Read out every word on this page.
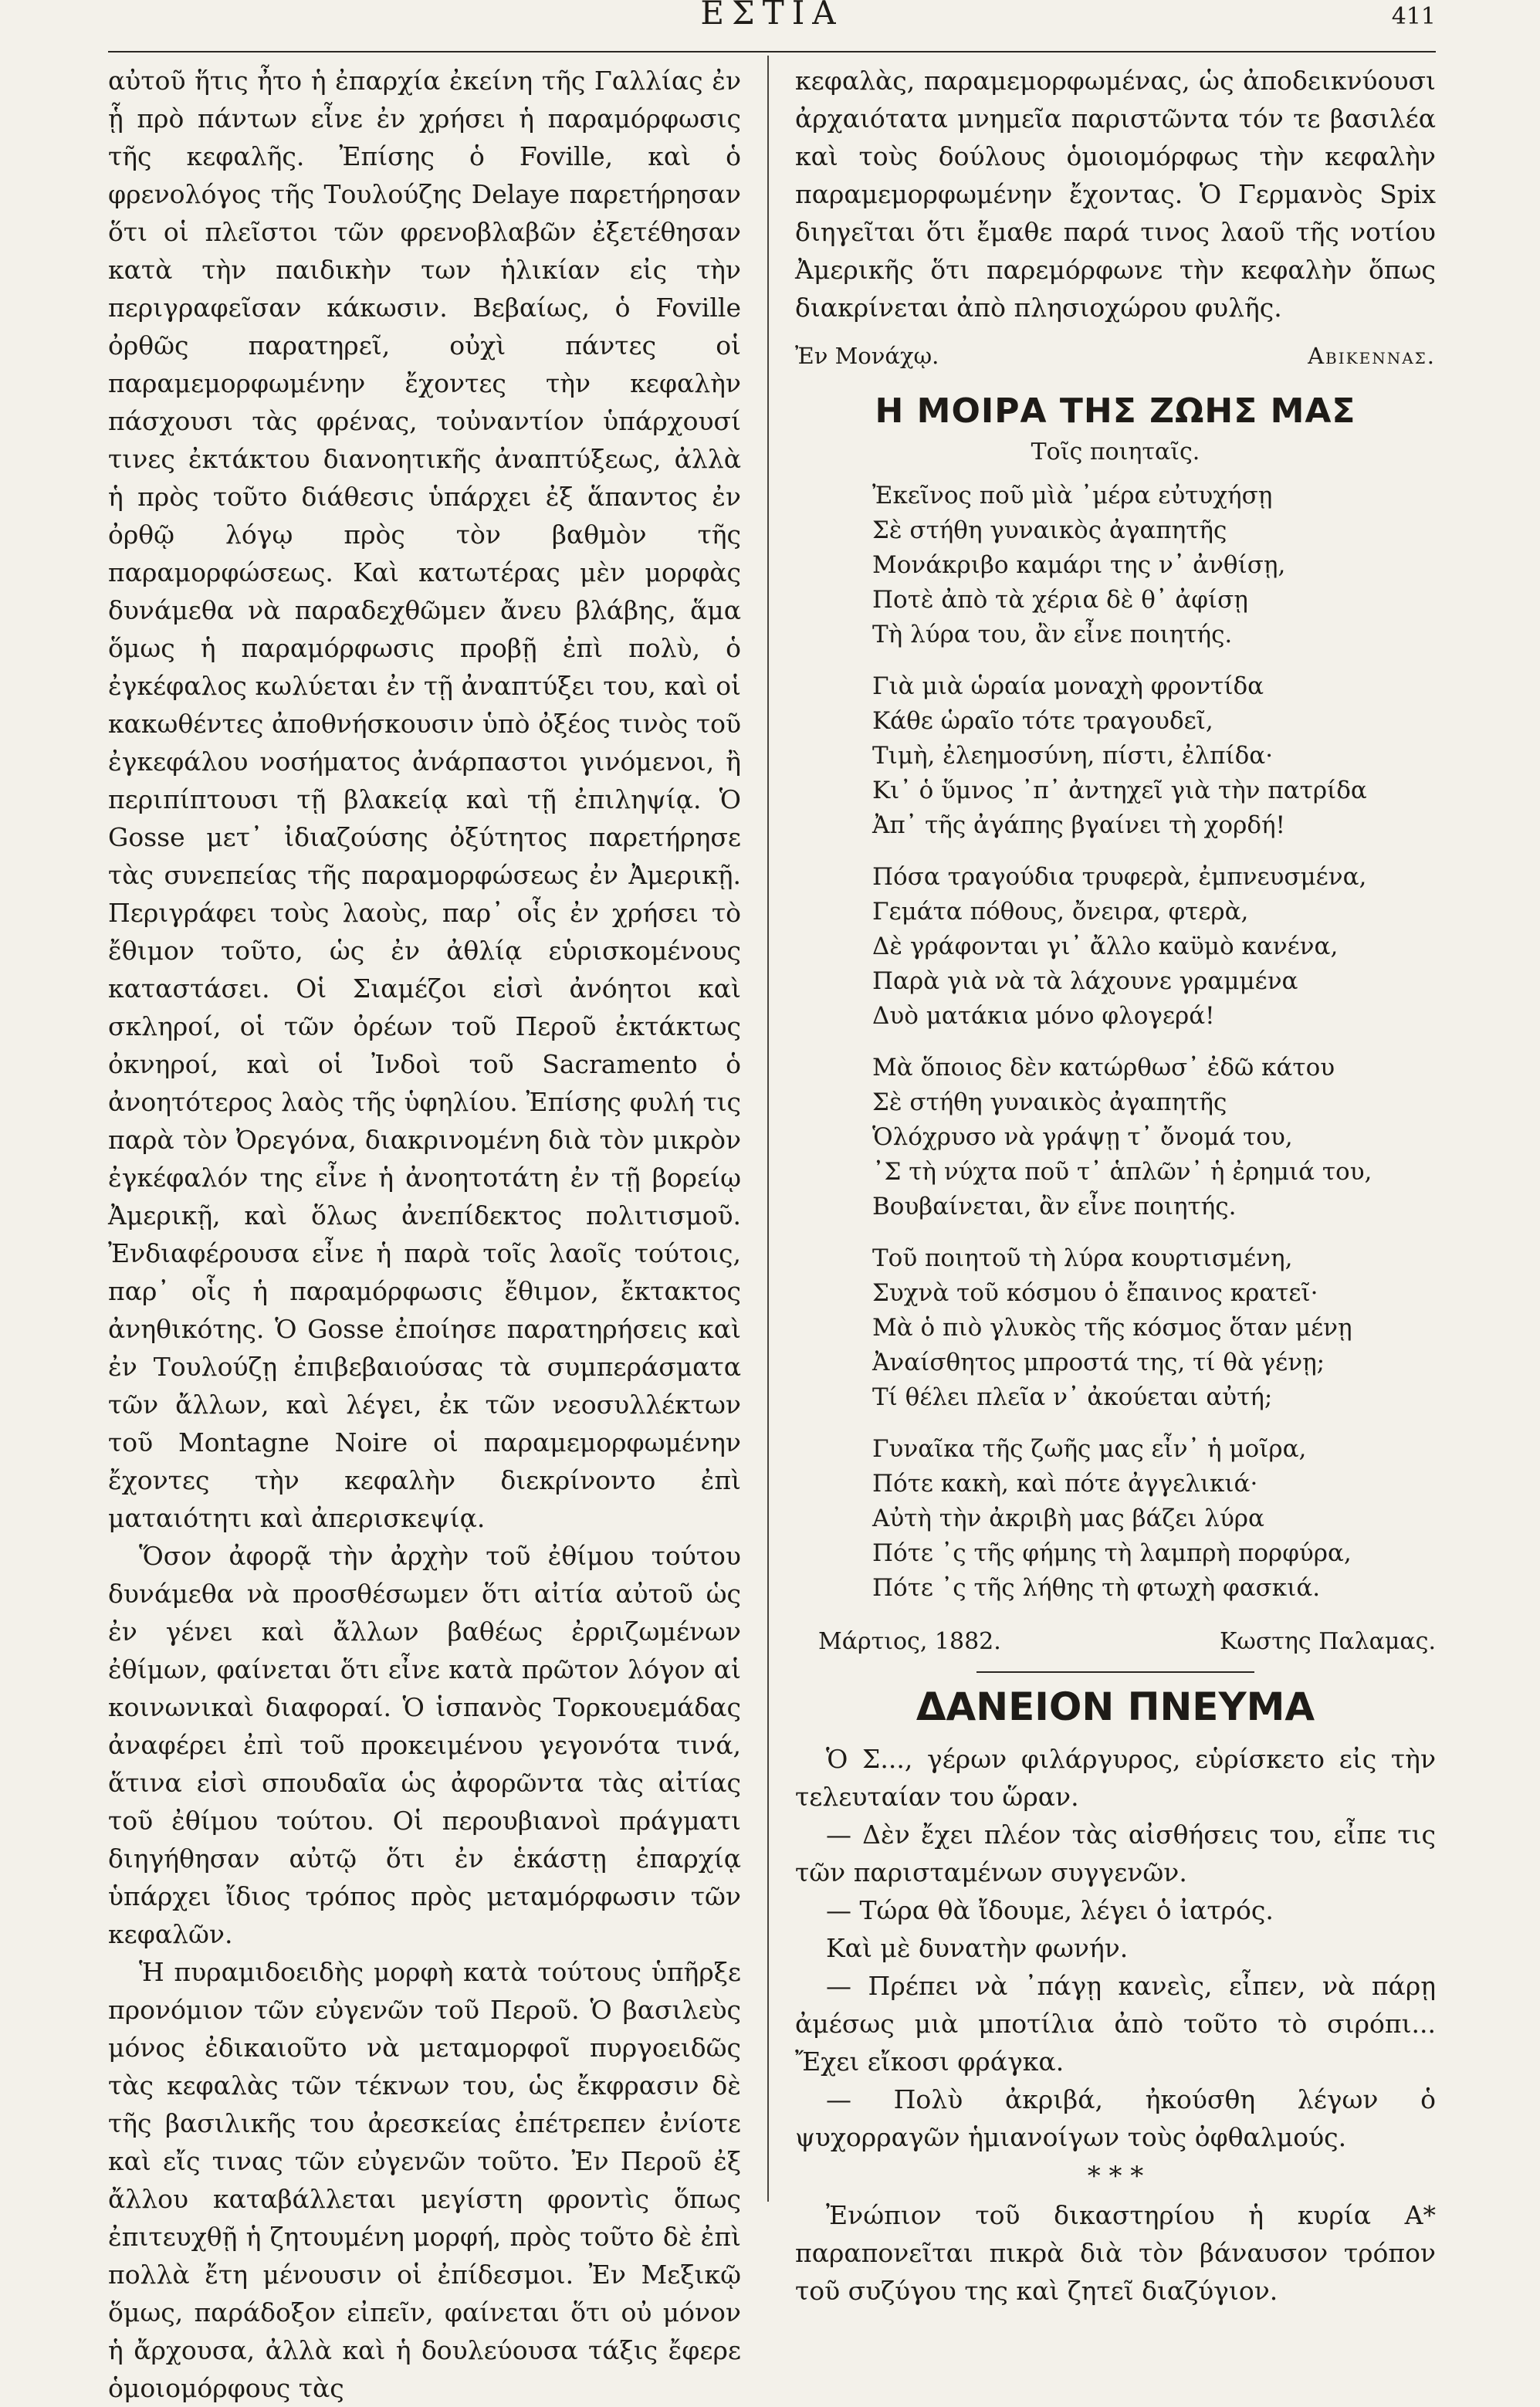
ΕΣΤΙΑ	411

αὐτοῦ ἥτις ἦτο ἡ ἐπαρχία ἐκείνη τῆς Γαλλίας ἐν ᾗ πρὸ πάντων εἶνε ἐν χρήσει ἡ παραμόρφωσις τῆς κεφαλῆς. Ἐπίσης ὁ Foville, καὶ ὁ φρενολόγος τῆς Τουλούζης Delaye παρετήρησαν ὅτι οἱ πλεῖστοι τῶν φρενοβλαβῶν ἐξετέθησαν κατὰ τὴν παιδικὴν των ἡλικίαν εἰς τὴν περιγραφεῖσαν κάκωσιν. Βεβαίως, ὁ Foville ὀρθῶς παρατηρεῖ, οὐχὶ πάντες οἱ παραμεμορφωμένην ἔχοντες τὴν κεφαλὴν πάσχουσι τὰς φρένας, τοὐναντίον ὑπάρχουσί τινες ἐκτάκτου διανοητικῆς ἀναπτύξεως, ἀλλὰ ἡ πρὸς τοῦτο διάθεσις ὑπάρχει ἐξ ἅπαντος ἐν ὀρθῷ λόγῳ πρὸς τὸν βαθμὸν τῆς παραμορφώσεως. Καὶ κατωτέρας μὲν μορφὰς δυνάμεθα νὰ παραδεχθῶμεν ἄνευ βλάβης, ἅμα ὅμως ἡ παραμόρφωσις προβῇ ἐπὶ πολὺ, ὁ ἐγκέφαλος κωλύεται ἐν τῇ ἀναπτύξει του, καὶ οἱ κακωθέντες ἀποθνήσκουσιν ὑπὸ ὀξέος τινὸς τοῦ ἐγκεφάλου νοσήματος ἀνάρπαστοι γινόμενοι, ἢ περιπίπτουσι τῇ βλακείᾳ καὶ τῇ ἐπιληψίᾳ. Ὁ Gosse μετ᾽ ἰδιαζούσης ὀξύτητος παρετήρησε τὰς συνεπείας τῆς παραμορφώσεως ἐν Ἀμερικῇ. Περιγράφει τοὺς λαοὺς, παρ᾽ οἷς ἐν χρήσει τὸ ἔθιμον τοῦτο, ὡς ἐν ἀθλίᾳ εὑρισκομένους καταστάσει. Οἱ Σιαμέζοι εἰσὶ ἀνόητοι καὶ σκληροί, οἱ τῶν ὀρέων τοῦ Περοῦ ἐκτάκτως ὀκνηροί, καὶ οἱ Ἰνδοὶ τοῦ Sacramento ὁ ἀνοητότερος λαὸς τῆς ὑφηλίου. Ἐπίσης φυλή τις παρὰ τὸν Ὀρεγόνα, διακρινομένη διὰ τὸν μικρὸν ἐγκέφαλόν της εἶνε ἡ ἀνοητοτάτη ἐν τῇ βορείῳ Ἀμερικῇ, καὶ ὅλως ἀνεπίδεκτος πολιτισμοῦ. Ἐνδιαφέρουσα εἶνε ἡ παρὰ τοῖς λαοῖς τούτοις, παρ᾽ οἷς ἡ παραμόρφωσις ἔθιμον, ἔκτακτος ἀνηθικότης. Ὁ Gosse ἐποίησε παρατηρήσεις καὶ ἐν Τουλούζῃ ἐπιβεβαιούσας τὰ συμπεράσματα τῶν ἄλλων, καὶ λέγει, ἐκ τῶν νεοσυλλέκτων τοῦ Montagne Noire οἱ παραμεμορφωμένην ἔχοντες τὴν κεφαλὴν διεκρίνοντο ἐπὶ ματαιότητι καὶ ἀπερισκεψίᾳ.

Ὅσον ἀφορᾷ τὴν ἀρχὴν τοῦ ἐθίμου τούτου δυνάμεθα νὰ προσθέσωμεν ὅτι αἰτία αὐτοῦ ὡς ἐν γένει καὶ ἄλλων βαθέως ἐρριζωμένων ἐθίμων, φαίνεται ὅτι εἶνε κατὰ πρῶτον λόγον αἱ κοινωνικαὶ διαφοραί. Ὁ ἱσπανὸς Τορκουεμάδας ἀναφέρει ἐπὶ τοῦ προκειμένου γεγονότα τινά, ἅτινα εἰσὶ σπουδαῖα ὡς ἀφορῶντα τὰς αἰτίας τοῦ ἐθίμου τούτου. Οἱ περουβιανοὶ πράγματι διηγήθησαν αὐτῷ ὅτι ἐν ἑκάστῃ ἐπαρχίᾳ ὑπάρχει ἴδιος τρόπος πρὸς μεταμόρφωσιν τῶν κεφαλῶν.

Ἡ πυραμιδοειδὴς μορφὴ κατὰ τούτους ὑπῆρξε προνόμιον τῶν εὐγενῶν τοῦ Περοῦ. Ὁ βασιλεὺς μόνος ἐδικαιοῦτο νὰ μεταμορφοῖ πυργοειδῶς τὰς κεφαλὰς τῶν τέκνων του, ὡς ἔκφρασιν δὲ τῆς βασιλικῆς του ἀρεσκείας ἐπέτρεπεν ἐνίοτε καὶ εἴς τινας τῶν εὐγενῶν τοῦτο. Ἐν Περοῦ ἐξ ἄλλου καταβάλλεται μεγίστη φροντὶς ὅπως ἐπιτευχθῇ ἡ ζητουμένη μορφή, πρὸς τοῦτο δὲ ἐπὶ πολλὰ ἔτη μένουσιν οἱ ἐπίδεσμοι. Ἐν Μεξικῷ ὅμως, παράδοξον εἰπεῖν, φαίνεται ὅτι οὐ μόνον ἡ ἄρχουσα, ἀλλὰ καὶ ἡ δουλεύουσα τάξις ἔφερε ὁμοιομόρφους τὰς

κεφαλὰς, παραμεμορφωμένας, ὡς ἀποδεικνύουσι ἀρχαιότατα μνημεῖα παριστῶντα τόν τε βασιλέα καὶ τοὺς δούλους ὁμοιομόρφως τὴν κεφαλὴν παραμεμορφωμένην ἔχοντας. Ὁ Γερμανὸς Spix διηγεῖται ὅτι ἔμαθε παρά τινος λαοῦ τῆς νοτίου Ἀμερικῆς ὅτι παρεμόρφωνε τὴν κεφαλὴν ὅπως διακρίνεται ἀπὸ πλησιοχώρου φυλῆς.

Ἐν Μονάχῳ.	Αβικεννας.
Η ΜΟΙΡΑ ΤΗΣ ΖΩΗΣ ΜΑΣ
Τοῖς ποιηταῖς.
Ἐκεῖνος ποῦ μὶὰ ᾽μέρα εὐτυχήσῃ
Σὲ στήθη γυναικὸς ἀγαπητῆς
Μονάκριβο καμάρι της ν᾽ ἀνθίσῃ,
Ποτὲ ἀπὸ τὰ χέρια δὲ θ᾽ ἀφίσῃ
Τὴ λύρα του, ἂν εἶνε ποιητής.
Γιὰ μιὰ ὡραία μοναχὴ φροντίδα
Κάθε ὡραῖο τότε τραγουδεῖ,
Τιμὴ, ἐλεημοσύνη, πίστι, ἐλπίδα·
Κι᾽ ὁ ὕμνος ᾽π᾽ ἀντηχεῖ γιὰ τὴν πατρίδα
Ἀπ᾽ τῆς ἀγάπης βγαίνει τὴ χορδή!
Πόσα τραγούδια τρυφερὰ, ἐμπνευσμένα,
Γεμάτα πόθους, ὄνειρα, φτερὰ,
Δὲ γράφονται γι᾽ ἄλλο καϋμὸ κανένα,
Παρὰ γιὰ νὰ τὰ λάχουνε γραμμένα
Δυὸ ματάκια μόνο φλογερά!
Μὰ ὅποιος δὲν κατώρθωσ᾽ ἐδῶ κάτου
Σὲ στήθη γυναικὸς ἀγαπητῆς
Ὁλόχρυσο νὰ γράψῃ τ᾽ ὄνομά του,
᾽Σ τὴ νύχτα ποῦ τ᾽ ἁπλῶν᾽ ἡ ἐρημιά του,
Βουβαίνεται, ἂν εἶνε ποιητής.
Τοῦ ποιητοῦ τὴ λύρα κουρτισμένη,
Συχνὰ τοῦ κόσμου ὁ ἔπαινος κρατεῖ·
Μὰ ὁ πιὸ γλυκὸς τῆς κόσμος ὅταν μένῃ
Ἀναίσθητος μπροστά της, τί θὰ γένῃ;
Τί θέλει πλεῖα ν᾽ ἀκούεται αὐτή;
Γυναῖκα τῆς ζωῆς μας εἶν᾽ ἡ μοῖρα,
Πότε κακὴ, καὶ πότε ἀγγελικιά·
Αὐτὴ τὴν ἀκριβὴ μας βάζει λύρα
Πότε ᾽ς τῆς φήμης τὴ λαμπρὴ πορφύρα,
Πότε ᾽ς τῆς λήθης τὴ φτωχὴ φασκιά.
Μάρτιος, 1882.	Κωστης Παλαμας.
ΔΑΝΕΙΟΝ ΠΝΕΥΜΑ

Ὁ Σ..., γέρων φιλάργυρος, εὑρίσκετο εἰς τὴν τελευταίαν του ὥραν.

— Δὲν ἔχει πλέον τὰς αἰσθήσεις του, εἶπε τις τῶν παρισταμένων συγγενῶν.

— Τώρα θὰ ἴδουμε, λέγει ὁ ἰατρός.

Καὶ μὲ δυνατὴν φωνήν.

— Πρέπει νὰ ᾽πάγῃ κανεὶς, εἶπεν, νὰ πάρῃ ἀμέσως μιὰ μποτίλια ἀπὸ τοῦτο τὸ σιρόπι... Ἔχει εἴκοσι φράγκα.

— Πολὺ ἀκριβά, ἠκούσθη λέγων ὁ ψυχορραγῶν ἡμιανοίγων τοὺς ὀφθαλμούς.

* * *

Ἐνώπιον τοῦ δικαστηρίου ἡ κυρία Α* παραπονεῖται πικρὰ διὰ τὸν βάναυσον τρόπον τοῦ συζύγου της καὶ ζητεῖ διαζύγιον.
